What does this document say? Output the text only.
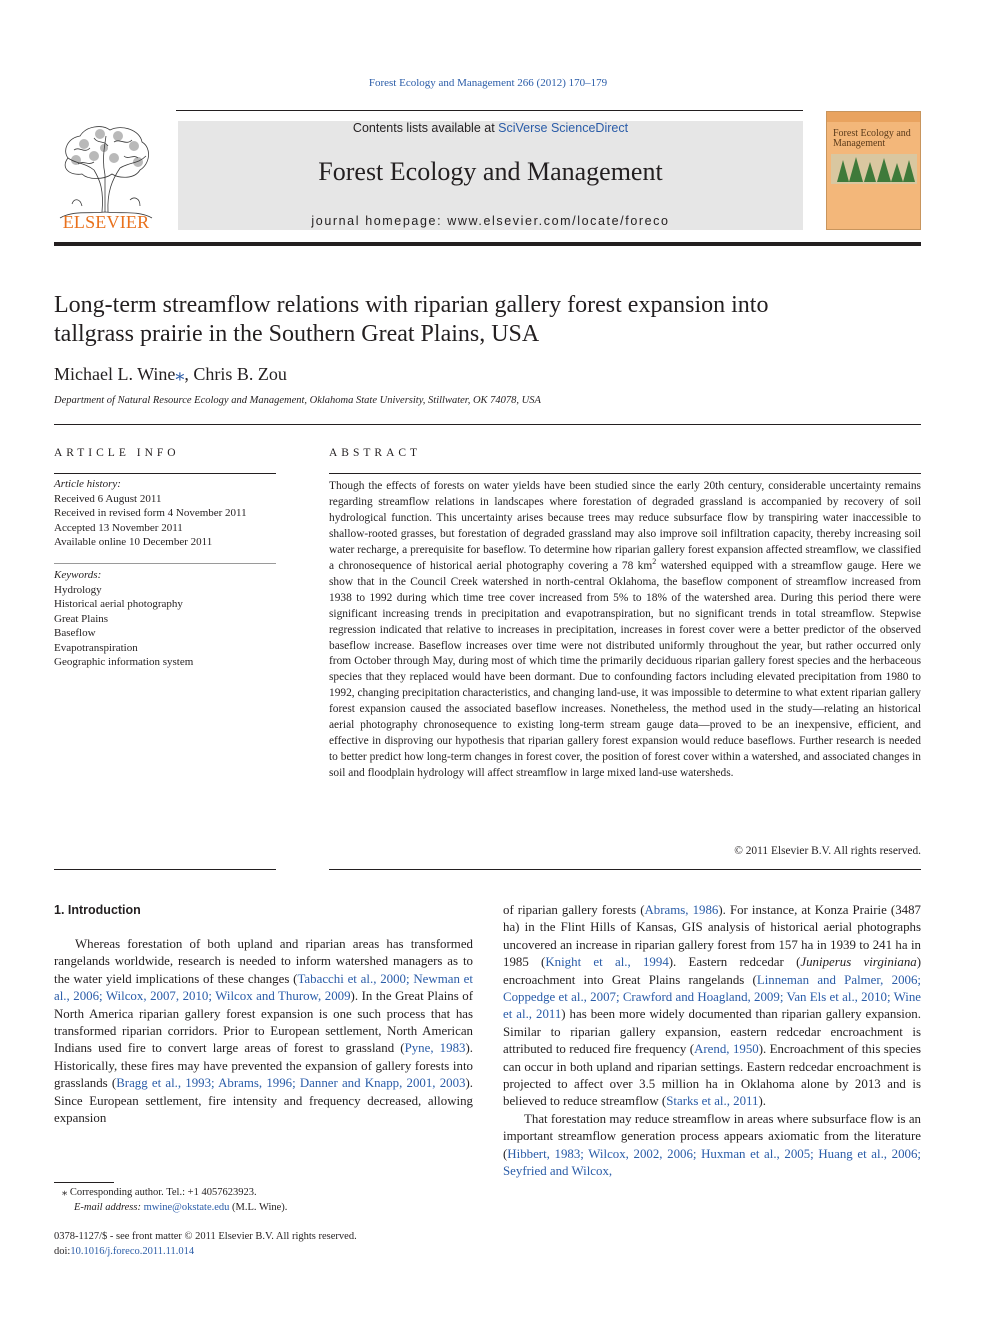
Forest Ecology and Management 266 (2012) 170–179
Contents lists available at SciVerse ScienceDirect
Forest Ecology and Management
journal homepage: www.elsevier.com/locate/foreco
ELSEVIER
Forest Ecology and Management
Long-term streamflow relations with riparian gallery forest expansion into tallgrass prairie in the Southern Great Plains, USA
Michael L. Wine⁎, Chris B. Zou
Department of Natural Resource Ecology and Management, Oklahoma State University, Stillwater, OK 74078, USA
ARTICLE INFO	ABSTRACT
Article history:
Received 6 August 2011
Received in revised form 4 November 2011
Accepted 13 November 2011
Available online 10 December 2011
Keywords:
Hydrology
Historical aerial photography
Great Plains
Baseflow
Evapotranspiration
Geographic information system
Though the effects of forests on water yields have been studied since the early 20th century, considerable uncertainty remains regarding streamflow relations in landscapes where forestation of degraded grassland is accompanied by recovery of soil hydrological function. This uncertainty arises because trees may reduce subsurface flow by transpiring water inaccessible to shallow-rooted grasses, but forestation of degraded grassland may also improve soil infiltration capacity, thereby increasing soil water recharge, a prerequisite for baseflow. To determine how riparian gallery forest expansion affected streamflow, we classified a chronosequence of historical aerial photography covering a 78 $km^2$ watershed equipped with a streamflow gauge. Here we show that in the Council Creek watershed in north-central Oklahoma, the baseflow component of streamflow increased from 1938 to 1992 during which time tree cover increased from 5% to 18% of the watershed area. During this period there were significant increasing trends in precipitation and evapotranspiration, but no significant trends in total streamflow. Stepwise regression indicated that relative to increases in precipitation, increases in forest cover were a better predictor of the observed baseflow increase. Baseflow increases over time were not distributed uniformly throughout the year, but rather occurred only from October through May, during most of which time the primarily deciduous riparian gallery forest species and the herbaceous species that they replaced would have been dormant. Due to confounding factors including elevated precipitation from 1980 to 1992, changing precipitation characteristics, and changing land-use, it was impossible to determine to what extent riparian gallery forest expansion caused the associated baseflow increases. Nonetheless, the method used in the study—relating an historical aerial photography chronosequence to existing long-term stream gauge data—proved to be an inexpensive, efficient, and effective in disproving our hypothesis that riparian gallery forest expansion would reduce baseflows. Further research is needed to better predict how long-term changes in forest cover, the position of forest cover within a watershed, and associated changes in soil and floodplain hydrology will affect streamflow in large mixed land-use watersheds.
© 2011 Elsevier B.V. All rights reserved.
1. Introduction

Whereas forestation of both upland and riparian areas has transformed rangelands worldwide, research is needed to inform watershed managers as to the water yield implications of these changes (Tabacchi et al., 2000; Newman et al., 2006; Wilcox, 2007, 2010; Wilcox and Thurow, 2009). In the Great Plains of North America riparian gallery forest expansion is one such process that has transformed riparian corridors. Prior to European settlement, North American Indians used fire to convert large areas of forest to grassland (Pyne, 1983). Historically, these fires may have prevented the expansion of gallery forests into grasslands (Bragg et al., 1993; Abrams, 1996; Danner and Knapp, 2001, 2003). Since European settlement, fire intensity and frequency decreased, allowing expansion

of riparian gallery forests (Abrams, 1986). For instance, at Konza Prairie (3487 ha) in the Flint Hills of Kansas, GIS analysis of historical aerial photographs uncovered an increase in riparian gallery forest from 157 ha in 1939 to 241 ha in 1985 (Knight et al., 1994). Eastern redcedar (Juniperus virginiana) encroachment into Great Plains rangelands (Linneman and Palmer, 2006; Coppedge et al., 2007; Crawford and Hoagland, 2009; Van Els et al., 2010; Wine et al., 2011) has been more widely documented than riparian gallery expansion. Similar to riparian gallery expansion, eastern redcedar encroachment is attributed to reduced fire frequency (Arend, 1950). Encroachment of this species can occur in both upland and riparian settings. Eastern redcedar encroachment is projected to affect over 3.5 million ha in Oklahoma alone by 2013 and is believed to reduce streamflow (Starks et al., 2011).

That forestation may reduce streamflow in areas where subsurface flow is an important streamflow generation process appears axiomatic from the literature (Hibbert, 1983; Wilcox, 2002, 2006; Huxman et al., 2005; Huang et al., 2006; Seyfried and Wilcox,

⁎ Corresponding author. Tel.: +1 4057623923.
E-mail address: mwine@okstate.edu (M.L. Wine).
0378-1127/$ - see front matter © 2011 Elsevier B.V. All rights reserved.
doi:10.1016/j.foreco.2011.11.014
